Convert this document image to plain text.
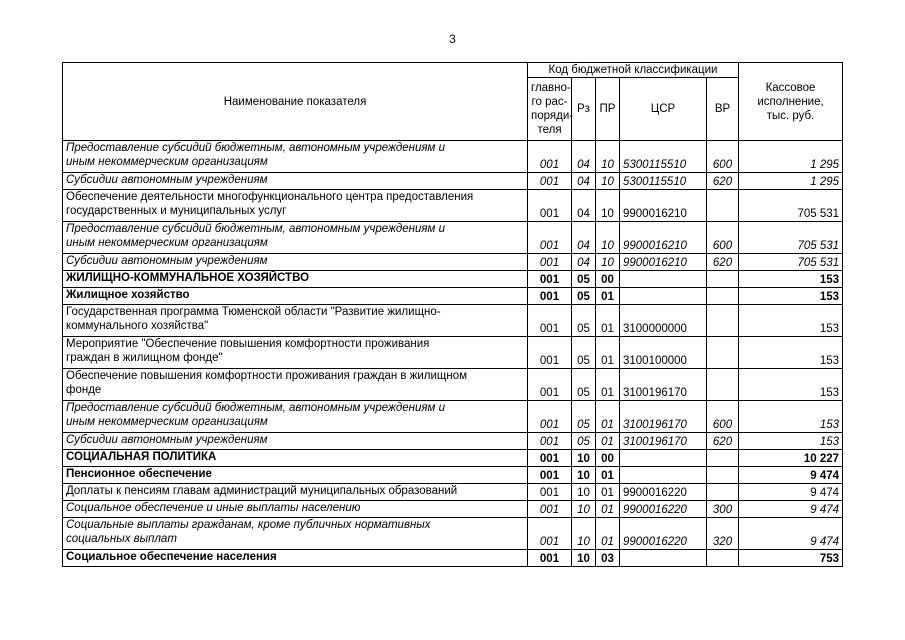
3
Наименование показателя	Код бюджетной классификации					Кассовое
исполнение,
тыс. руб.

	главно-
го рас-
поряди-
теля	Рз	ПР	ЦСР	ВР	

Предоставление субсидий бюджетным, автономным учреждениям и
иным некоммерческим организациям	001	04	10	5300115510	600	1 295

Субсидии автономным учреждениям	001	04	10	5300115510	620	1 295

Обеспечение деятельности многофункционального центра предоставления
государственных и муниципальных услуг	001	04	10	9900016210		705 531

Предоставление субсидий бюджетным, автономным учреждениям и
иным некоммерческим организациям	001	04	10	9900016210	600	705 531

Субсидии автономным учреждениям	001	04	10	9900016210	620	705 531

ЖИЛИЩНО-КОММУНАЛЬНОЕ ХОЗЯЙСТВО	001	05	00			153

Жилищное хозяйство	001	05	01			153

Государственная программа Тюменской области "Развитие жилищно-
коммунального хозяйства"	001	05	01	3100000000		153

Мероприятие "Обеспечение повышения комфортности проживания
граждан в жилищном фонде"	001	05	01	3100100000		153

Обеспечение повышения комфортности проживания граждан в жилищном
фонде	001	05	01	3100196170		153

Предоставление субсидий бюджетным, автономным учреждениям и
иным некоммерческим организациям	001	05	01	3100196170	600	153

Субсидии автономным учреждениям	001	05	01	3100196170	620	153

СОЦИАЛЬНАЯ ПОЛИТИКА	001	10	00			10 227

Пенсионное обеспечение	001	10	01			9 474

Доплаты к пенсиям главам администраций муниципальных образований	001	10	01	9900016220		9 474

Социальное обеспечение и иные выплаты населению	001	10	01	9900016220	300	9 474

Социальные выплаты гражданам, кроме публичных нормативных
социальных выплат	001	10	01	9900016220	320	9 474

Социальное обеспечение населения	001	10	03			753
